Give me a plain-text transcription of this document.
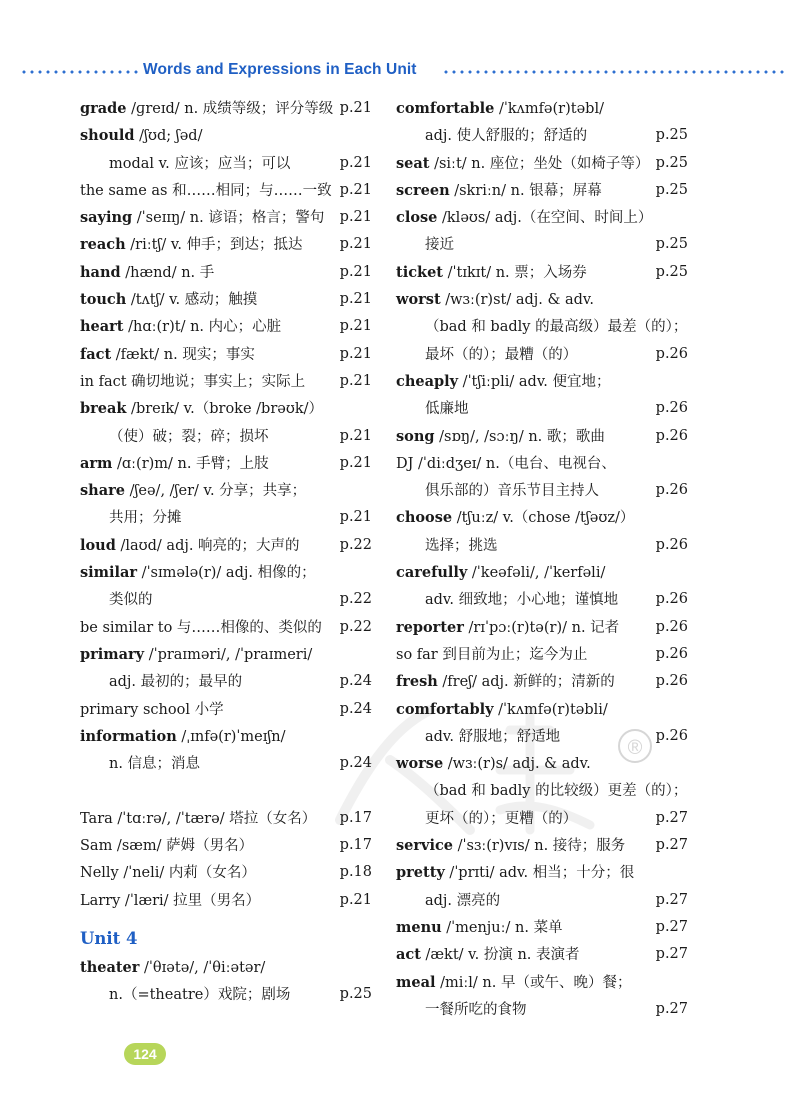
Words and Expressions in Each Unit
®
grade /ɡreɪd/ n. 成绩等级；评分等级 p.21
should /ʃʊd; ʃəd/
modal v. 应该；应当；可以	p.21
the same as 和……相同；与……一致 p.21
saying /ˈseɪɪŋ/ n. 谚语；格言；警句 p.21
reach /riːtʃ/ v. 伸手；到达；抵达	p.21
hand /hænd/ n. 手	p.21
touch /tʌtʃ/ v. 感动；触摸	p.21
heart /hɑː(r)t/ n. 内心；心脏	p.21
fact /fækt/ n. 现实；事实	p.21
in fact 确切地说；事实上；实际上 p.21
break /breɪk/ v.（broke /brəʊk/）
（使）破；裂；碎；损坏	p.21
arm /ɑː(r)m/ n. 手臂；上肢	p.21
share /ʃeə/, /ʃer/ v. 分享；共享；
共用；分摊	p.21
loud /laʊd/ adj. 响亮的；大声的	p.22
similar /ˈsɪmələ(r)/ adj. 相像的；
类似的	p.22
be similar to 与……相像的、类似的 p.22
primary /ˈpraɪməri/, /ˈpraɪmeri/
adj. 最初的；最早的	p.24
primary school 小学	p.24
information /ˌɪnfə(r)ˈmeɪʃn/
n. 信息；消息	p.24
Tara /ˈtɑːrə/, /ˈtærə/ 塔拉（女名） p.17
Sam /sæm/ 萨姆（男名）	p.17
Nelly /ˈneli/ 内莉（女名）	p.18
Larry /ˈlæri/ 拉里（男名）	p.21
Unit 4
theater /ˈθɪətə/, /ˈθiːətər/
n.（=theatre）戏院；剧场	p.25
comfortable /ˈkʌmfə(r)təbl/
adj. 使人舒服的；舒适的	p.25
seat /siːt/ n. 座位；坐处（如椅子等） p.25
screen /skriːn/ n. 银幕；屏幕	p.25
close /kləʊs/ adj.（在空间、时间上）
接近	p.25
ticket /ˈtɪkɪt/ n. 票；入场券	p.25
worst /wɜː(r)st/ adj. & adv.
（bad 和 badly 的最高级）最差（的）；
最坏（的）；最糟（的）	p.26
cheaply /ˈtʃiːpli/ adv. 便宜地；
低廉地	p.26
song /sɒŋ/, /sɔːŋ/ n. 歌；歌曲	p.26
DJ /ˈdiːdʒeɪ/ n.（电台、电视台、
俱乐部的）音乐节目主持人	p.26
choose /tʃuːz/ v.（chose /tʃəʊz/）
选择；挑选	p.26
carefully /ˈkeəfəli/, /ˈkerfəli/
adv. 细致地；小心地；谨慎地	p.26
reporter /rɪˈpɔː(r)tə(r)/ n. 记者	p.26
so far 到目前为止；迄今为止	p.26
fresh /freʃ/ adj. 新鲜的；清新的	p.26
comfortably /ˈkʌmfə(r)təbli/
adv. 舒服地；舒适地	p.26
worse /wɜː(r)s/ adj. & adv.
（bad 和 badly 的比较级）更差（的）；
更坏（的）；更糟（的）	p.27
service /ˈsɜː(r)vɪs/ n. 接待；服务 p.27
pretty /ˈprɪti/ adv. 相当；十分；很
adj. 漂亮的	p.27
menu /ˈmenjuː/ n. 菜单	p.27
act /ækt/ v. 扮演 n. 表演者	p.27
meal /miːl/ n. 早（或午、晚）餐；
一餐所吃的食物	p.27
124
